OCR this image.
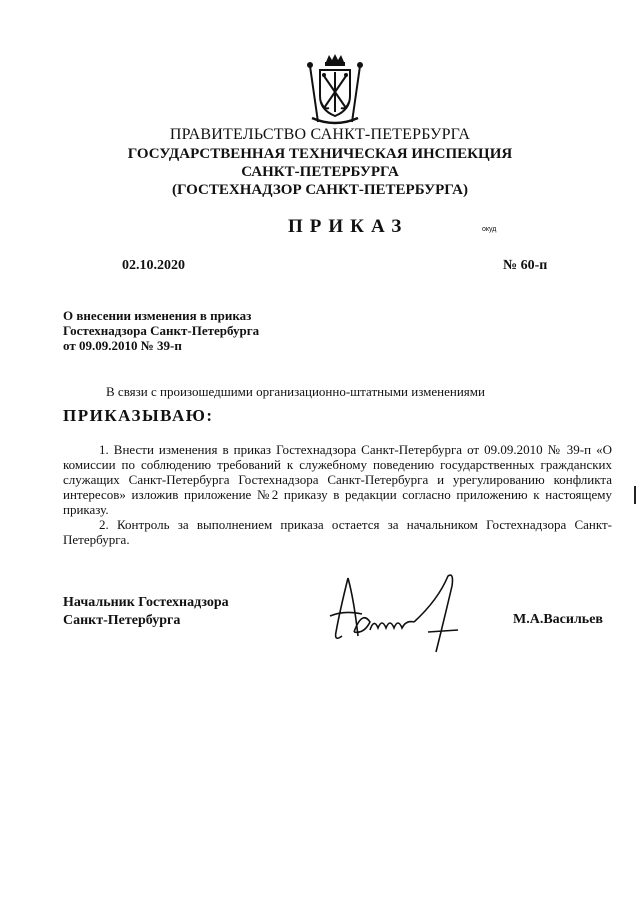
ПРАВИТЕЛЬСТВО САНКТ-ПЕТЕРБУРГА
ГОСУДАРСТВЕННАЯ ТЕХНИЧЕСКАЯ ИНСПЕКЦИЯ
САНКТ-ПЕТЕРБУРГА
(ГОСТЕХНАДЗОР САНКТ-ПЕТЕРБУРГА)
ПРИКАЗ	окуд
02.10.2020	№ 60-п
О внесении изменения в приказ
Гостехнадзора Санкт-Петербурга
от 09.09.2010 № 39-п
В связи с произошедшими организационно-штатными изменениями
ПРИКАЗЫВАЮ:

1. Внести изменения в приказ Гостехнадзора Санкт-Петербурга от 09.09.2010 № 39-п «О комиссии по соблюдению требований к служебному поведению государственных гражданских служащих Санкт-Петербурга Гостехнадзора Санкт-Петербурга и урегулированию конфликта интересов» изложив приложение №2 приказу в редакции согласно приложению к настоящему приказу.

2. Контроль за выполнением приказа остается за начальником Гостехнадзора Санкт-Петербурга.

Начальник Гостехнадзора
Санкт-Петербурга	М.А.Васильев
